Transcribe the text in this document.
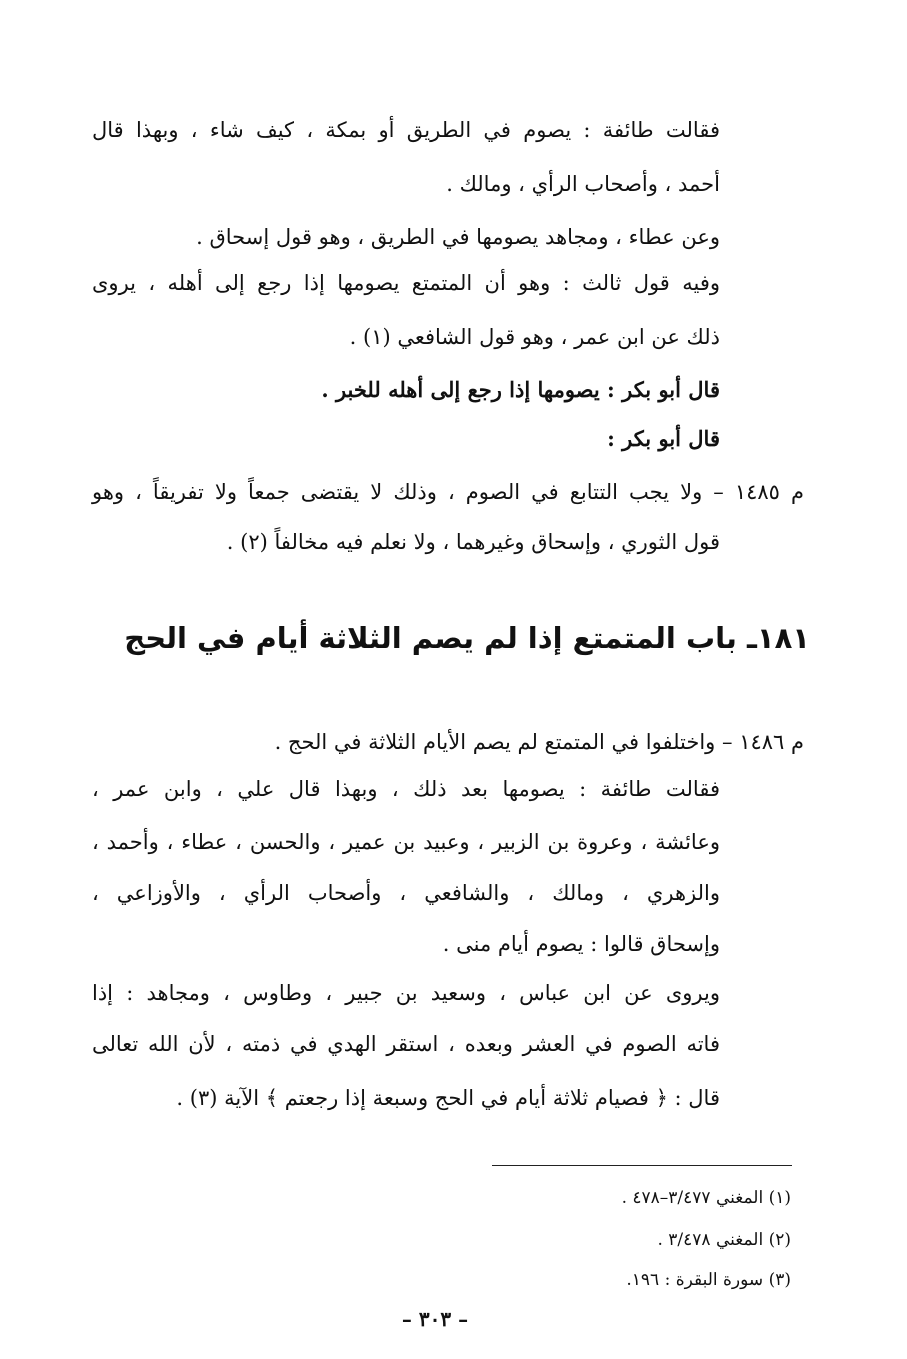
فقالت طائفة : يصوم في الطريق أو بمكة ، كيف شاء ، وبهذا قال
أحمد ، وأصحاب الرأي ، ومالك .
وعن عطاء ، ومجاهد يصومها في الطريق ، وهو قول إسحاق .
وفيه قول ثالث : وهو أن المتمتع يصومها إذا رجع إلى أهله ، يروى
ذلك عن ابن عمر ، وهو قول الشافعي (١) .
قال أبو بكر : يصومها إذا رجع إلى أهله للخبر .
قال أبو بكر :
م ١٤٨٥ – ولا يجب التتابع في الصوم ، وذلك لا يقتضى جمعاً ولا تفريقاً ، وهو
قول الثوري ، وإسحاق وغيرهما ، ولا نعلم فيه مخالفاً (٢) .
١٨١ـ باب المتمتع إذا لم يصم الثلاثة أيام في الحج
م ١٤٨٦ – واختلفوا في المتمتع لم يصم الأيام الثلاثة في الحج .
فقالت طائفة : يصومها بعد ذلك ، وبهذا قال علي ، وابن عمر ،
وعائشة ، وعروة بن الزبير ، وعبيد بن عمير ، والحسن ، عطاء ، وأحمد ،
والزهري ، ومالك ، والشافعي ، وأصحاب الرأي ، والأوزاعي ،
وإسحاق قالوا : يصوم أيام منى .
ويروى عن ابن عباس ، وسعيد بن جبير ، وطاوس ، ومجاهد : إذا
فاته الصوم في العشر وبعده ، استقر الهدي في ذمته ، لأن الله تعالى
قال : ﴿ فصيام ثلاثة أيام في الحج وسبعة إذا رجعتم ﴾ الآية (٣) .
(١) المغني ٣/٤٧٧–٤٧٨ .
(٢) المغني ٣/٤٧٨ .
(٣) سورة البقرة : ١٩٦.
– ٣٠٣ –
